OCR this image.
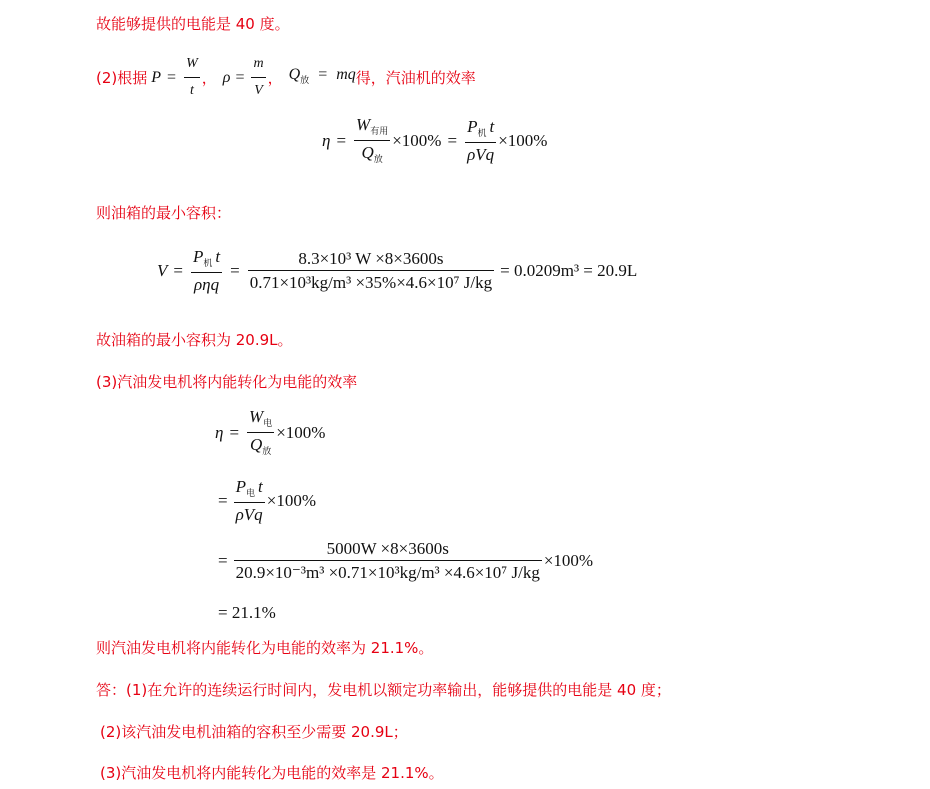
故能够提供的电能是 40 度。
(2)根据 $P = \frac{W}{t}$ ， $\rho = \frac{m}{V}$ ， $Q_放$ = mq 得，汽油机的效率
$\eta = \frac{W_{有用}}{Q_放} \times 100\% = \frac{P_机 t}{\text{ρVq}} \times 100\%$
则油箱的最小容积：
$V = \frac{P_机 t}{\text{ρηq}} = \frac{\text{8.3×10³ W ×8×3600s}}{\text{0.71×10³kg/m³ ×35\%×4.6×10⁷ J/kg}} = 0.0209m^3 = 20.9L$
故油箱的最小容积为 20.9L。
(3)汽油发电机将内能转化为电能的效率
$\eta = \frac{W_电}{Q_放} \times 100\%$
= $\frac{P_电 t}{\text{ρVq}} \times 100\%$
= $\frac{5000W \times 8\times 3600s}{\text{20.9×10⁻³m³ ×0.71×10³kg/m³ ×4.6×10⁷ J/kg}} \times 100\%$
= 21.1%
则汽油发电机将内能转化为电能的效率为 21.1%。
答：(1)在允许的连续运行时间内，发电机以额定功率输出，能够提供的电能是 40 度；
(2)该汽油发电机油箱的容积至少需要 20.9L；
(3)汽油发电机将内能转化为电能的效率是 21.1%。
